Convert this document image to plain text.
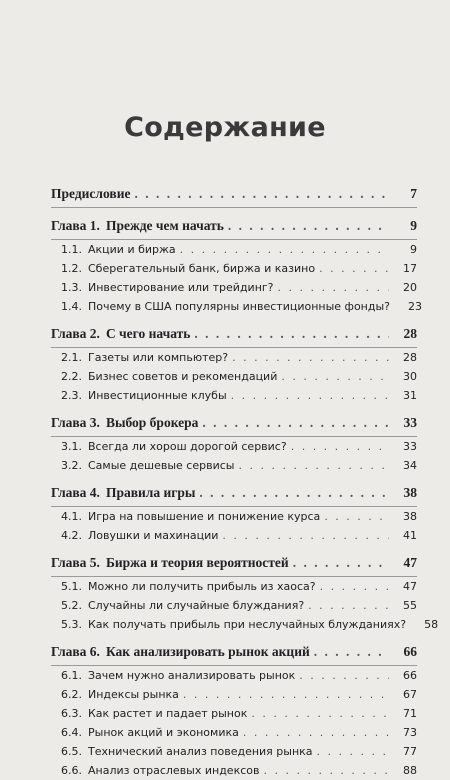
Содержание
Предисловие . . .	7
Глава 1. Прежде чем начать . . .	9
1.1. Акции и биржа . . .	9
1.2. Сберегательный банк, биржа и казино . . .	17
1.3. Инвестирование или трейдинг? . . .	20
1.4. Почему в США популярны инвестиционные фонды?	23
Глава 2. С чего начать . . .	28
2.1. Газеты или компьютер? . . .	28
2.2. Бизнес советов и рекомендаций . . .	30
2.3. Инвестиционные клубы . . .	31
Глава 3. Выбор брокера . . .	33
3.1. Всегда ли хорош дорогой сервис? . . .	33
3.2. Самые дешевые сервисы . . .	34
Глава 4. Правила игры . . .	38
4.1. Игра на повышение и понижение курса . . .	38
4.2. Ловушки и махинации . . .	41
Глава 5. Биржа и теория вероятностей . . .	47
5.1. Можно ли получить прибыль из хаоса? . . .	47
5.2. Случайны ли случайные блуждания? . . .	55
5.3. Как получать прибыль при неслучайных блужданиях?	58
Глава 6. Как анализировать рынок акций . . .	66
6.1. Зачем нужно анализировать рынок . . .	66
6.2. Индексы рынка . . .	67
6.3. Как растет и падает рынок . . .	71
6.4. Рынок акций и экономика . . .	73
6.5. Технический анализ поведения рынка . . .	77
6.6. Анализ отраслевых индексов . . .	88
